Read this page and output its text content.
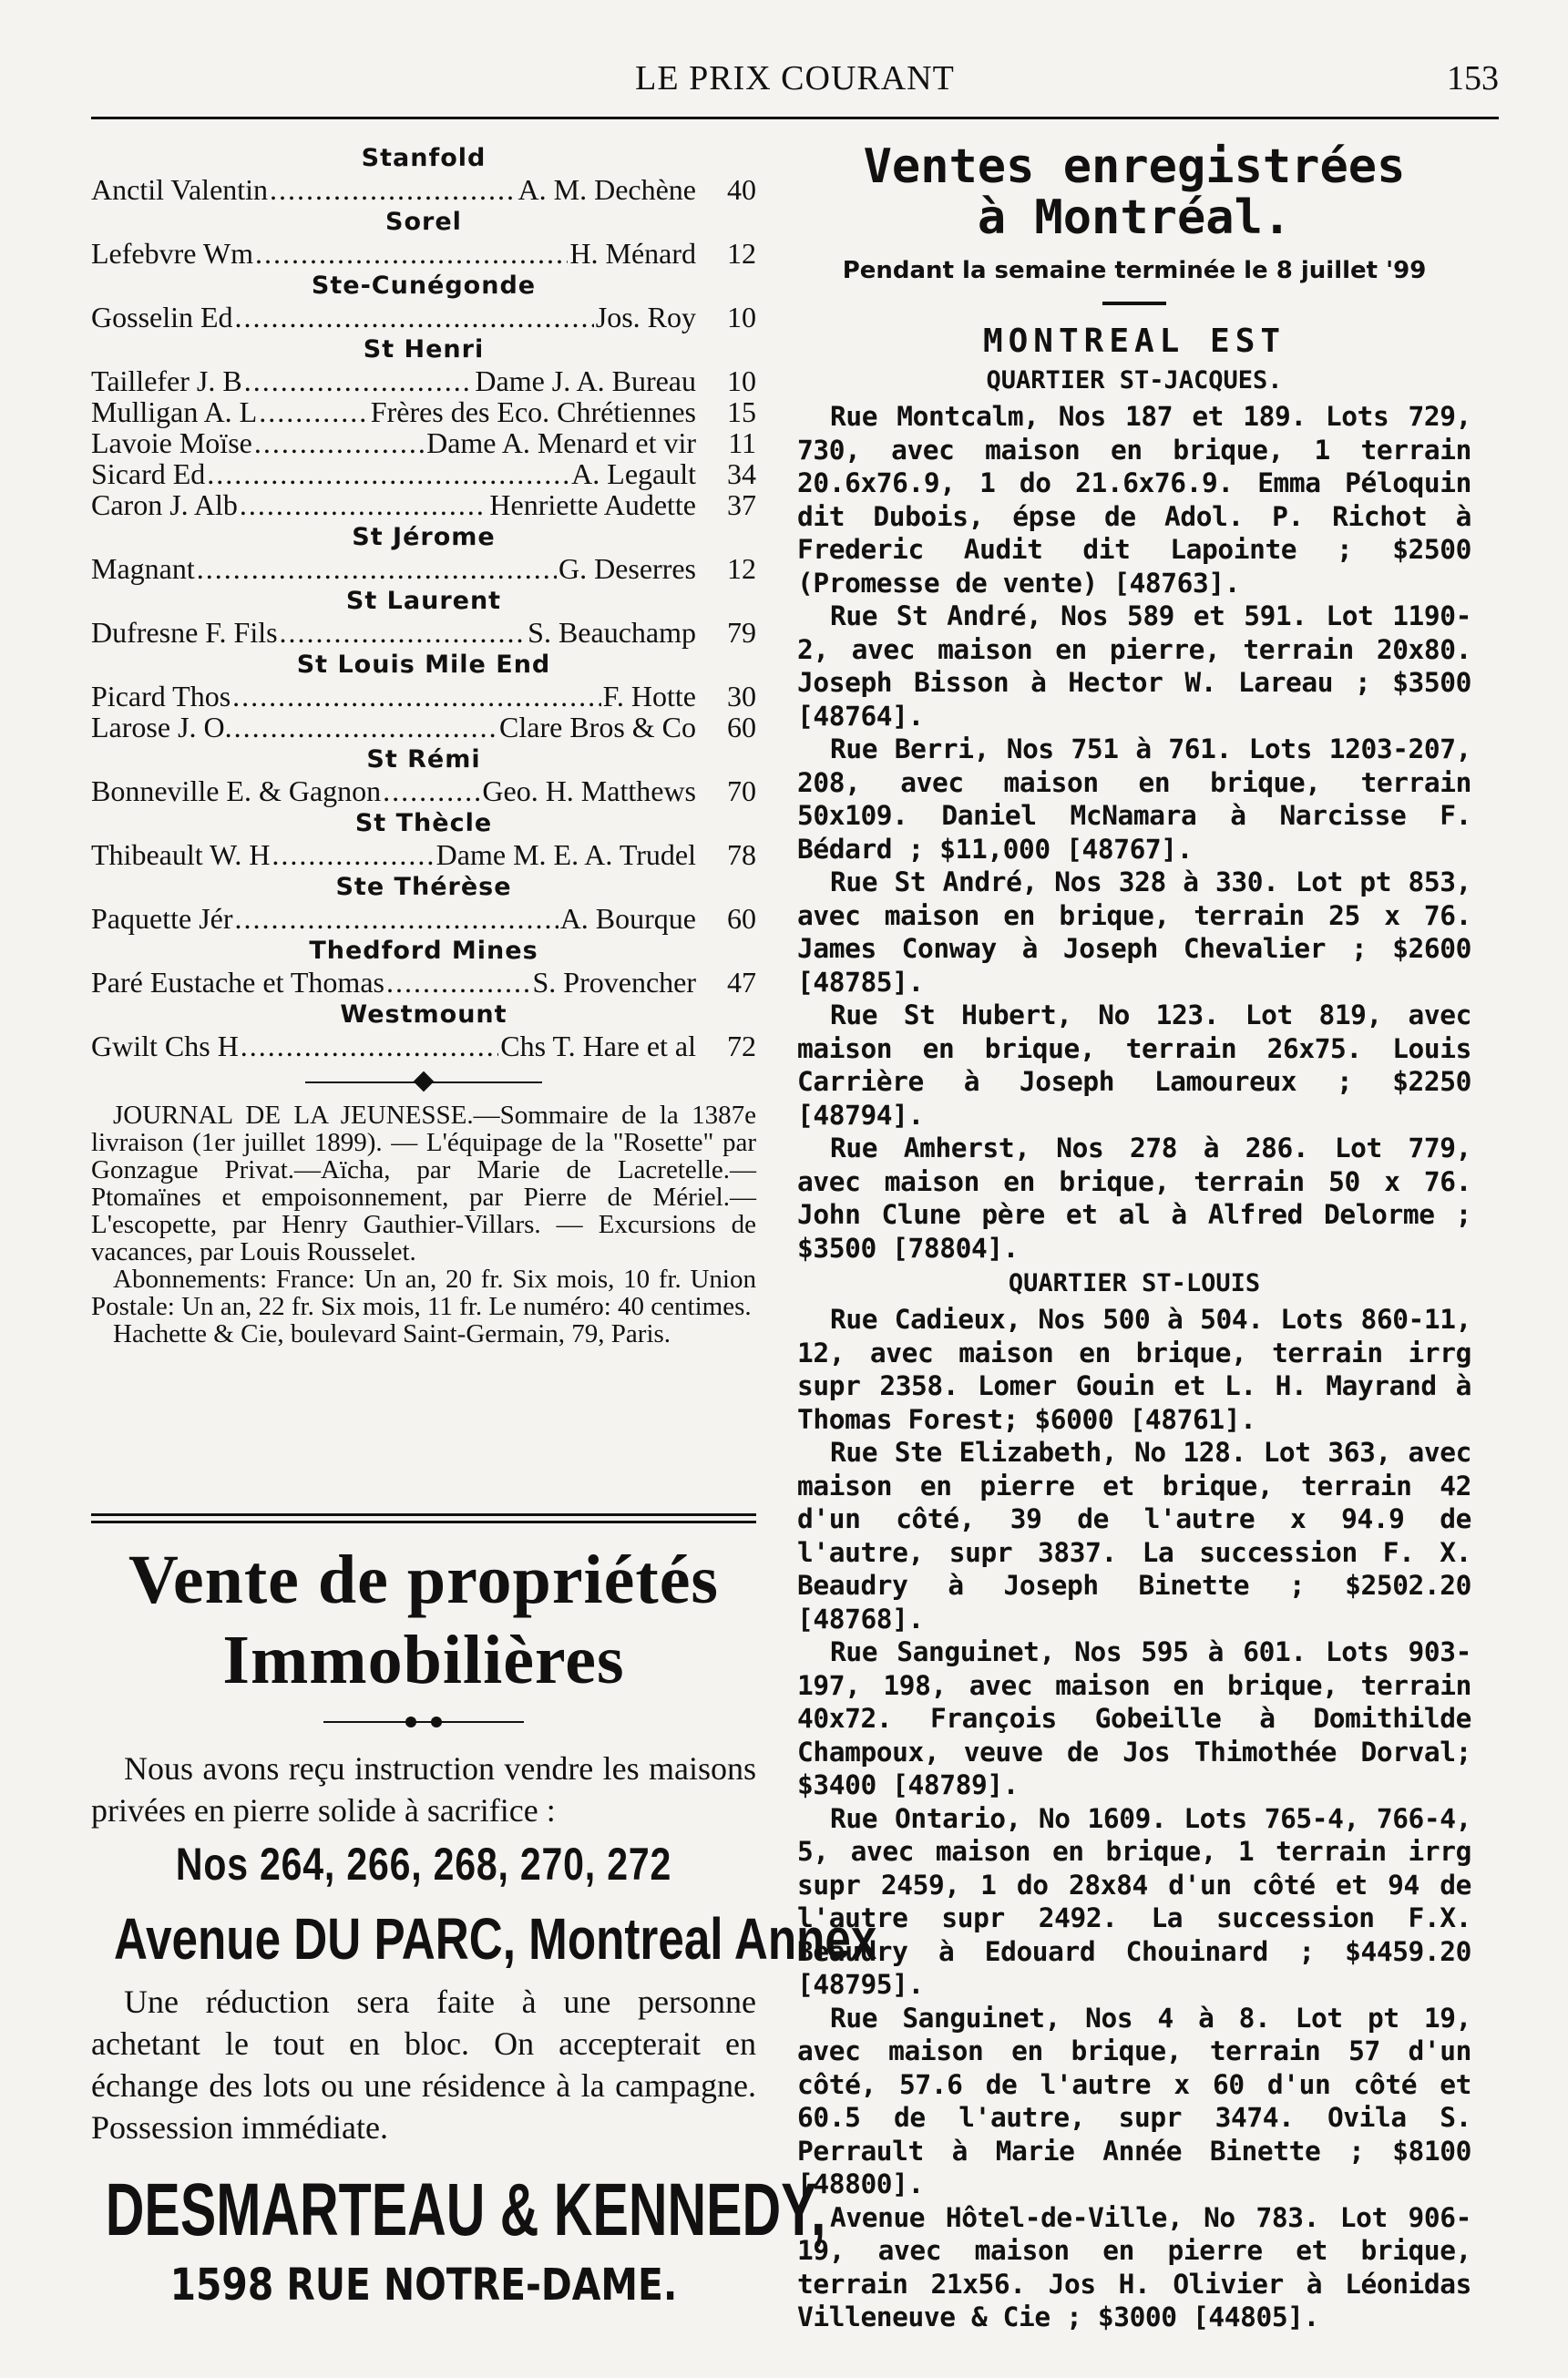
LE PRIX COURANT	153
Stanfold
Anctil Valentin .....	A. M. Dechène	40
Sorel
Lefebvre Wm .....	H. Ménard	12
Ste-Cunégonde
Gosselin Ed .....	Jos. Roy	10
St Henri
Taillefer J. B .....	Dame J. A. Bureau	10
Mulligan A. L .....	Frères des Eco. Chrétiennes	15
Lavoie Moïse .....	Dame A. Menard et vir	11
Sicard Ed .....	A. Legault	34
Caron J. Alb .....	Henriette Audette	37
St Jérome
Magnant .....	G. Deserres	12
St Laurent
Dufresne F. Fils .....	S. Beauchamp	79
St Louis Mile End
Picard Thos .....	F. Hotte	30
Larose J. O. .....	Clare Bros & Co	60
St Rémi
Bonneville E. & Gagnon .....	Geo. H. Matthews	70
St Thècle
Thibeault W. H .....	Dame M. E. A. Trudel	78
Ste Thérèse
Paquette Jér .....	A. Bourque	60
Thedford Mines
Paré Eustache et Thomas .....	S. Provencher	47
Westmount
Gwilt Chs H .....	Chs T. Hare et al	72

JOURNAL DE LA JEUNESSE.—Sommaire de la 1387e livraison (1er juillet 1899). — L'équipage de la "Rosette" par Gonzague Privat.—Aïcha, par Marie de Lacretelle.—Ptomaïnes et empoisonnement, par Pierre de Mériel.—L'escopette, par Henry Gauthier-Villars. — Excursions de vacances, par Louis Rousselet.

Abonnements: France: Un an, 20 fr. Six mois, 10 fr. Union Postale: Un an, 22 fr. Six mois, 11 fr. Le numéro: 40 centimes.

Hachette & Cie, boulevard Saint-Germain, 79, Paris.

Vente de propriétés
Immobilières

Nous avons reçu instruction vendre les maisons privées en pierre solide à sacrifice :

Nos 264, 266, 268, 270, 272
Avenue DU PARC, Montreal Annex

Une réduction sera faite à une personne achetant le tout en bloc. On accepterait en échange des lots ou une résidence à la campagne. Possession immédiate.

DESMARTEAU & KENNEDY,
1598 RUE NOTRE-DAME.
Ventes enregistrées
à Montréal.
Pendant la semaine terminée le 8 juillet '99
MONTREAL EST
QUARTIER ST-JACQUES.

Rue Montcalm, Nos 187 et 189. Lots 729, 730, avec maison en brique, 1 terrain 20.6x76.9, 1 do 21.6x76.9. Emma Péloquin dit Dubois, épse de Adol. P. Richot à Frederic Audit dit Lapointe ; $2500 (Promesse de vente) [48763].

Rue St André, Nos 589 et 591. Lot 1190-2, avec maison en pierre, terrain 20x80. Joseph Bisson à Hector W. Lareau ; $3500 [48764].

Rue Berri, Nos 751 à 761. Lots 1203-207, 208, avec maison en brique, terrain 50x109. Daniel McNamara à Narcisse F. Bédard ; $11,000 [48767].

Rue St André, Nos 328 à 330. Lot pt 853, avec maison en brique, terrain 25 x 76. James Conway à Joseph Chevalier ; $2600 [48785].

Rue St Hubert, No 123. Lot 819, avec maison en brique, terrain 26x75. Louis Carrière à Joseph Lamoureux ; $2250 [48794].

Rue Amherst, Nos 278 à 286. Lot 779, avec maison en brique, terrain 50 x 76. John Clune père et al à Alfred Delorme ; $3500 [78804].

QUARTIER ST-LOUIS

Rue Cadieux, Nos 500 à 504. Lots 860-11, 12, avec maison en brique, terrain irrg supr 2358. Lomer Gouin et L. H. Mayrand à Thomas Forest; $6000 [48761].

Rue Ste Elizabeth, No 128. Lot 363, avec maison en pierre et brique, terrain 42 d'un côté, 39 de l'autre x 94.9 de l'autre, supr 3837. La succession F. X. Beaudry à Joseph Binette ; $2502.20 [48768].

Rue Sanguinet, Nos 595 à 601. Lots 903-197, 198, avec maison en brique, terrain 40x72. François Gobeille à Domithilde Champoux, veuve de Jos Thimothée Dorval; $3400 [48789].

Rue Ontario, No 1609. Lots 765-4, 766-4, 5, avec maison en brique, 1 terrain irrg supr 2459, 1 do 28x84 d'un côté et 94 de l'autre supr 2492. La succession F.X. Beaudry à Edouard Chouinard ; $4459.20 [48795].

Rue Sanguinet, Nos 4 à 8. Lot pt 19, avec maison en brique, terrain 57 d'un côté, 57.6 de l'autre x 60 d'un côté et 60.5 de l'autre, supr 3474. Ovila S. Perrault à Marie Année Binette ; $8100 [48800].

Avenue Hôtel-de-Ville, No 783. Lot 906-19, avec maison en pierre et brique, terrain 21x56. Jos H. Olivier à Léonidas Villeneuve & Cie ; $3000 [44805].
